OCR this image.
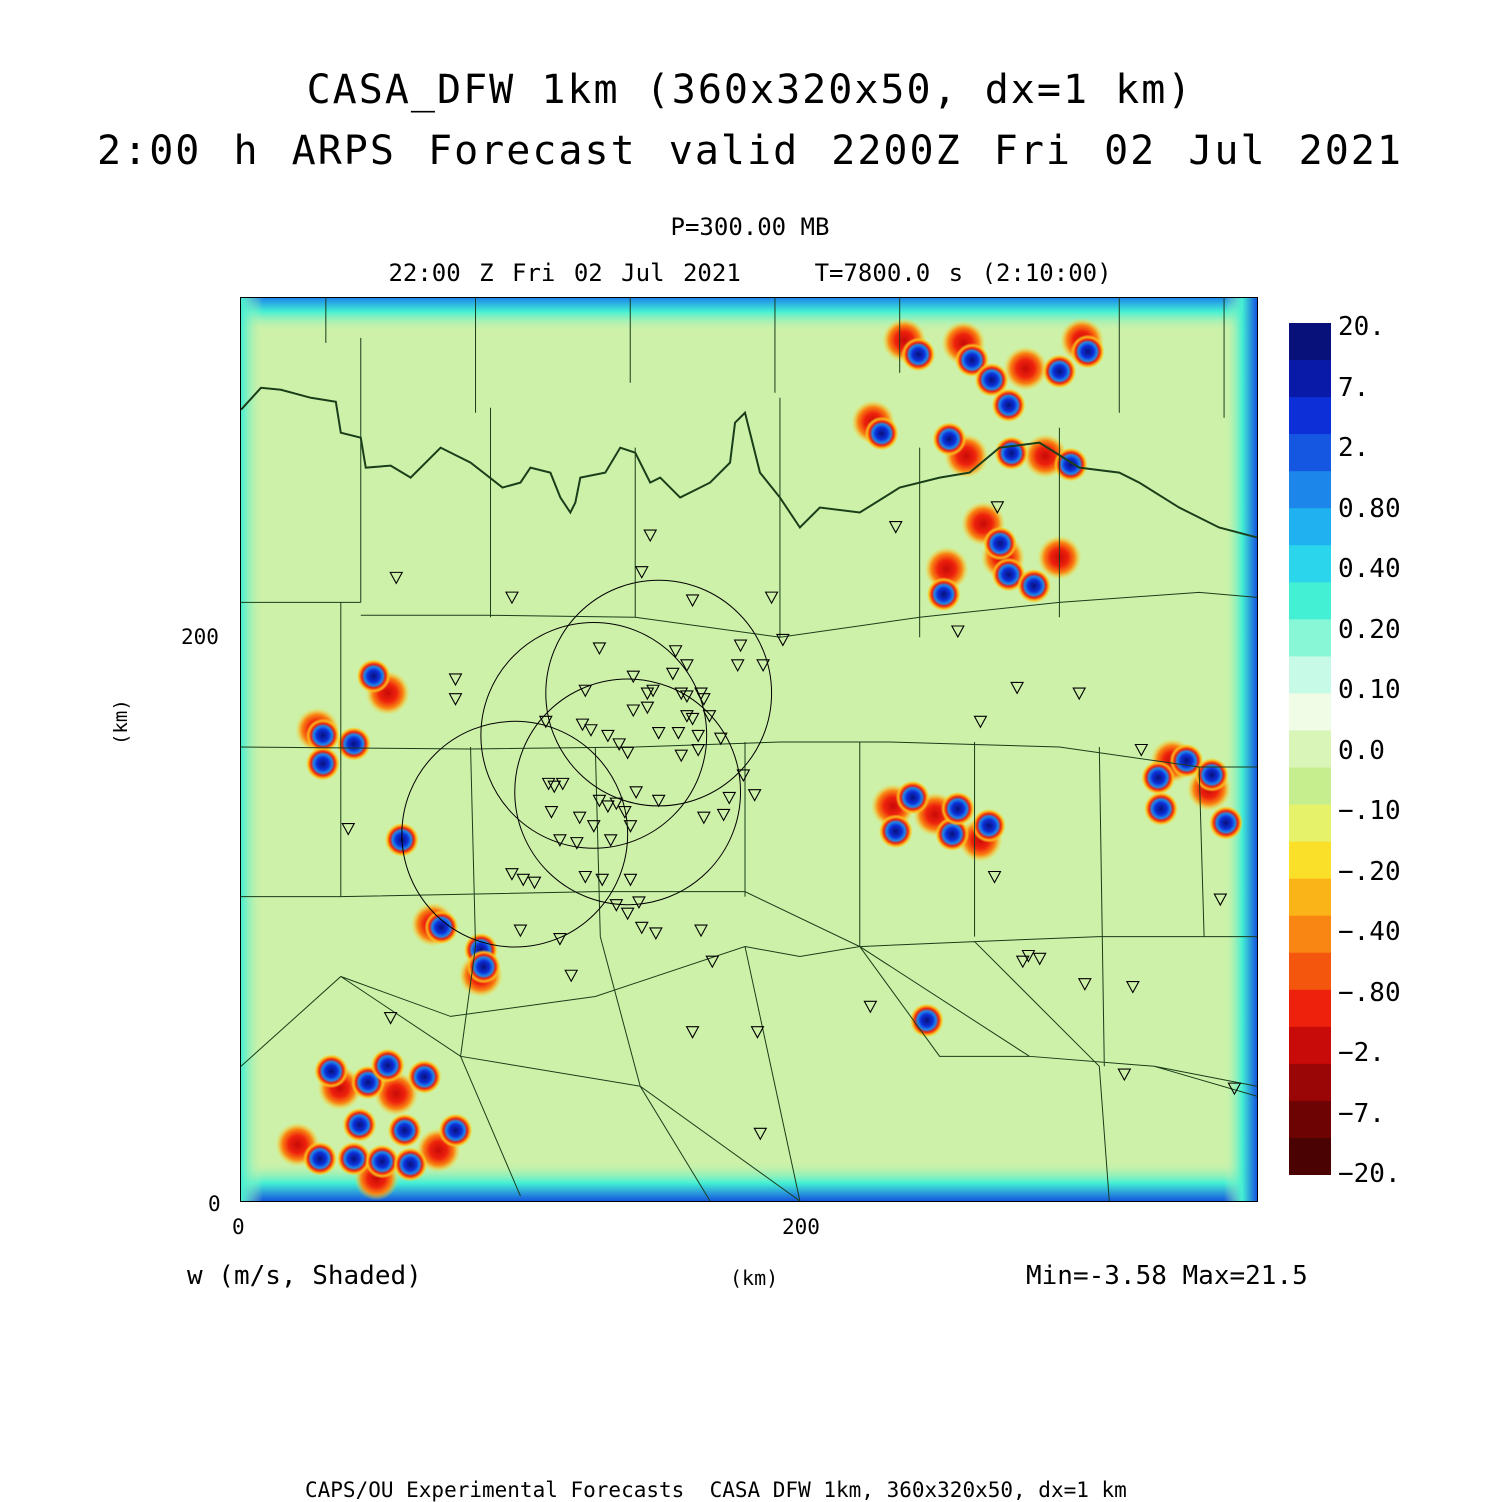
CASA_DFW 1km (360x320x50, dx=1 km)
2:00 h ARPS Forecast valid 2200Z Fri 02 Jul 2021
P=300.00 MB
22:00 Z Fri 02 Jul 2021    T=7800.0 s (2:10:00)
200
0
0	200
(km)
20.
7.
2.
0.80
0.40
0.20
0.10
0.0
−.10
−.20
−.40
−.80
−2.
−7.
−20.
w (m/s, Shaded)	(km)	Min=-3.58 Max=21.5
CAPS/OU Experimental Forecasts  CASA DFW 1km, 360x320x50, dx=1 km
